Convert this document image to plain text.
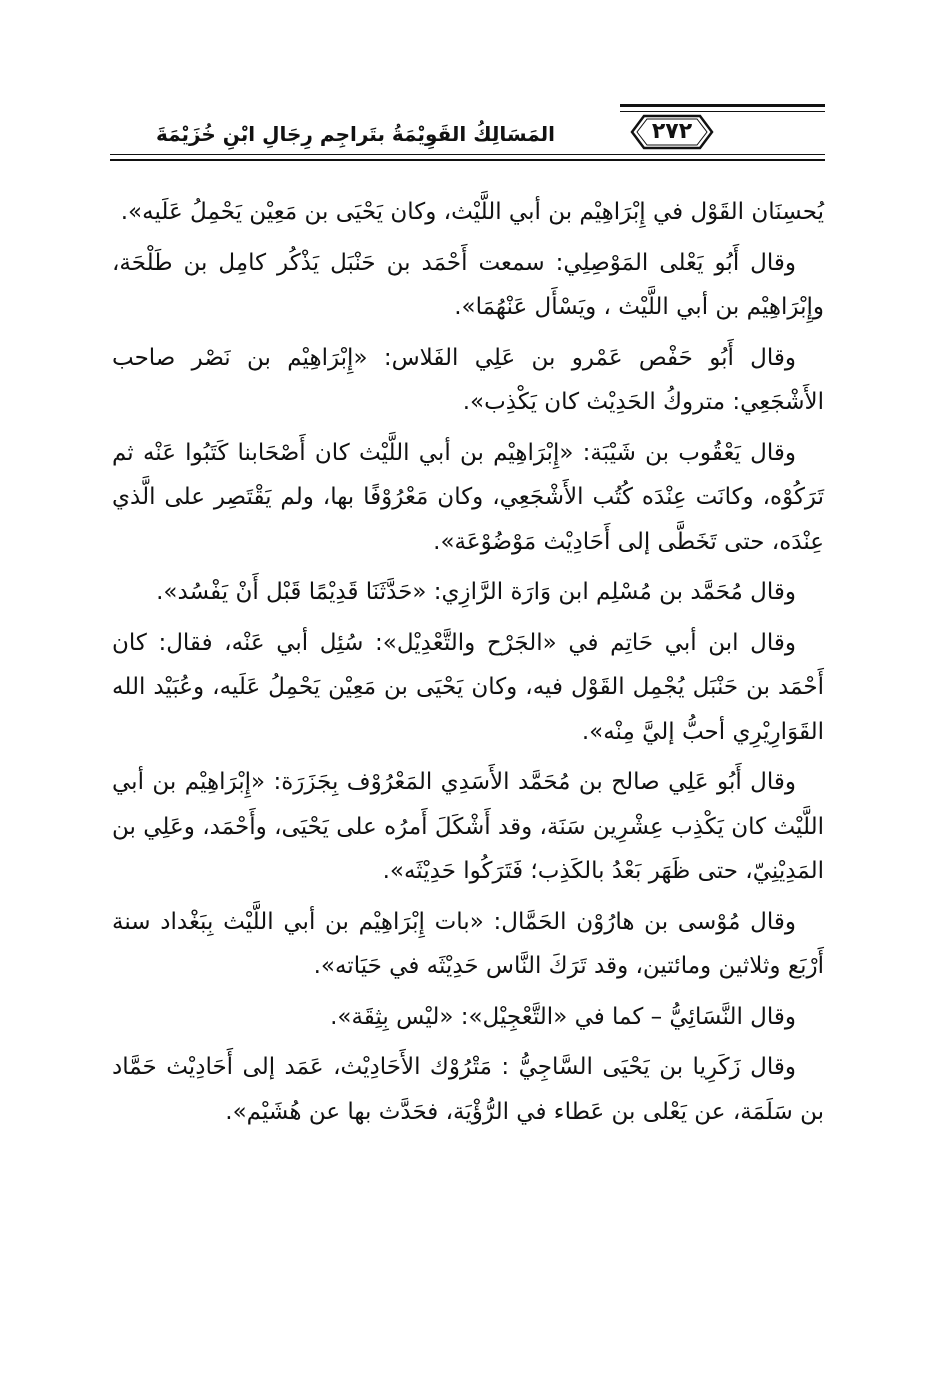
٢٧٢
المَسَالِكُ القَوِيْمَةُ بتَراجِم رِجَالِ ابْنِ خُزَيْمَةَ

يُحسِنَان القَوْل في إِبْرَاهِيْم بن أبي اللَّيْث، وكان يَحْيَى بن مَعِيْن يَحْمِلُ عَلَيه».

وقال أَبُو يَعْلى المَوْصِلِي: سمعت أَحْمَد بن حَنْبَل يَذْكُر كامِل بن طَلْحَة، وإِبْرَاهِيْم بن أبي اللَّيْث ، ويَسْأَل عَنْهُمَا».

وقال أَبُو حَفْص عَمْرو بن عَلِي الفَلاس: «إِبْرَاهِيْم بن نَصْر صاحب الأَشْجَعِي: متروكُ الحَدِيْث كان يَكْذِب».

وقال يَعْقُوب بن شَيْبَة: «إِبْرَاهِيْم بن أبي اللَّيْث كان أَصْحَابنا كَتَبُوا عَنْه ثم تَرَكُوْه، وكانَت عِنْدَه كُتُب الأَشْجَعِي، وكان مَعْرُوْفًا بها، ولم يَقْتَصِر على الَّذي عِنْدَه، حتى تَخَطَّى إلى أَحَادِيْث مَوْضُوْعَة».

وقال مُحَمَّد بن مُسْلِم ابن وَارَة الرَّازِي: «حَدَّثَنَا قَدِيْمًا قَبْل أَنْ يَفْسُد».

وقال ابن أبي حَاتِم في «الجَرْح والتَّعْدِيْل»: سُئِل أبي عَنْه، فقال: كان أَحْمَد بن حَنْبَل يُجْمِل القَوْل فيه، وكان يَحْيَى بن مَعِيْن يَحْمِلُ عَلَيه، وعُبَيْد الله القَوَارِيْرِي أحبُّ إليَّ مِنْه».

وقال أَبُو عَلِي صالح بن مُحَمَّد الأَسَدِي المَعْرُوْف بِجَزَرَة: «إِبْرَاهِيْم بن أبي اللَّيْث كان يَكْذِب عِشْرِين سَنَة، وقد أَشْكَلَ أَمرُه على يَحْيَى، وأَحْمَد، وعَلِي بن المَدِيْنِيّ، حتى ظَهَر بَعْدُ بالكَذِب؛ فَتَرَكُوا حَدِيْثَه».

وقال مُوْسى بن هارُوْن الحَمَّال: «بات إِبْرَاهِيْم بن أبي اللَّيْث بِبَغْداد سنة أَرْبَع وثلاثين ومائتين، وقد تَرَكَ النَّاس حَدِيْثَه في حَيَاته».

وقال النَّسَائِيُّ – كما في «التَّعْجِيْل»: «ليْس بِثِقَة».

وقال زَكَرِيا بن يَحْيَى السَّاجِيُّ : مَتْرُوْك الأَحَادِيْث، عَمَد إلى أَحَادِيْث حَمَّاد بن سَلَمَة، عن يَعْلى بن عَطاء في الرُّؤْيَة، فحَدَّث بها عن هُشَيْم».
